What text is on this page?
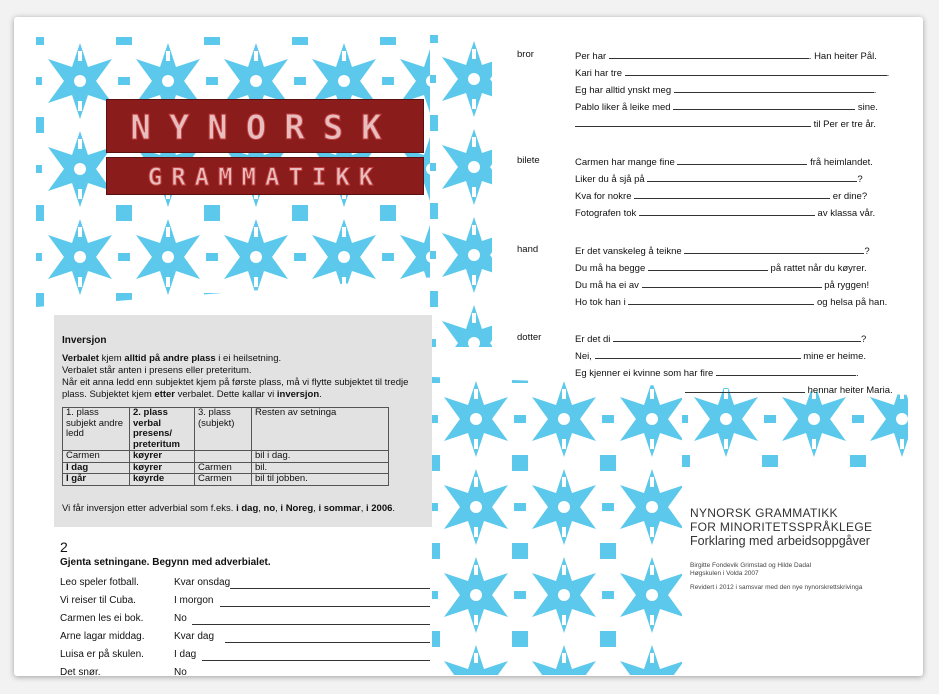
NYNORSK
GRAMMATIKK
Inversjon

Verbalet kjem alltid på andre plass i ei heilsetning.

Verbalet står anten i presens eller preteritum.

Når eit anna ledd enn subjektet kjem på første plass, må vi flytte subjektet til tredje plass. Subjektet kjem etter verbalet. Dette kallar vi inversjon.

1. plass subjekt andre ledd	2. plass verbal presens/ preteritum	3. plass (subjekt)	Resten av setninga
Carmen	køyrer		bil i dag.
I dag	køyrer	Carmen	bil.
I går	køyrde	Carmen	bil til jobben.

Vi får inversjon etter adverbial som f.eks. i dag, no, i Noreg, i sommar, i 2006.

2
Gjenta setningane. Begynn med adverbialet.
Leo speler fotball.	Kvar onsdag
Vi reiser til Cuba.	I morgon
Carmen les ei bok.	No
Arne lagar middag.	Kvar dag
Luisa er på skulen.	I dag
Det snør.	No
bror	Per har	. Han heiter Pål.
Kari har tre	.
Eg har alltid ynskt meg	.
Pablo liker å leike med	sine.
til Per er tre år.
bilete	Carmen har mange fine	frå heimlandet.
Liker du å sjå på	?
Kva for nokre	er dine?
Fotografen tok	av klassa vår.
hand	Er det vanskeleg å teikne	?
Du må ha begge	på rattet når du køyrer.
Du må ha ei av	på ryggen!
Ho tok han i	og helsa på han.
dotter	Er det di	?
Nei,	mine er heime.
Eg kjenner ei kvinne som har fire	.
hennar heiter Maria.
NYNORSK GRAMMATIKK
FOR MINORITETSSPRÅKLEGE
Forklaring med arbeidsoppgåver
Birgitte Fondevik Grimstad og Hilde Dadal
Høgskulen i Volda 2007
Revidert i 2012 i samsvar med den nye nynorskrettskrivinga
